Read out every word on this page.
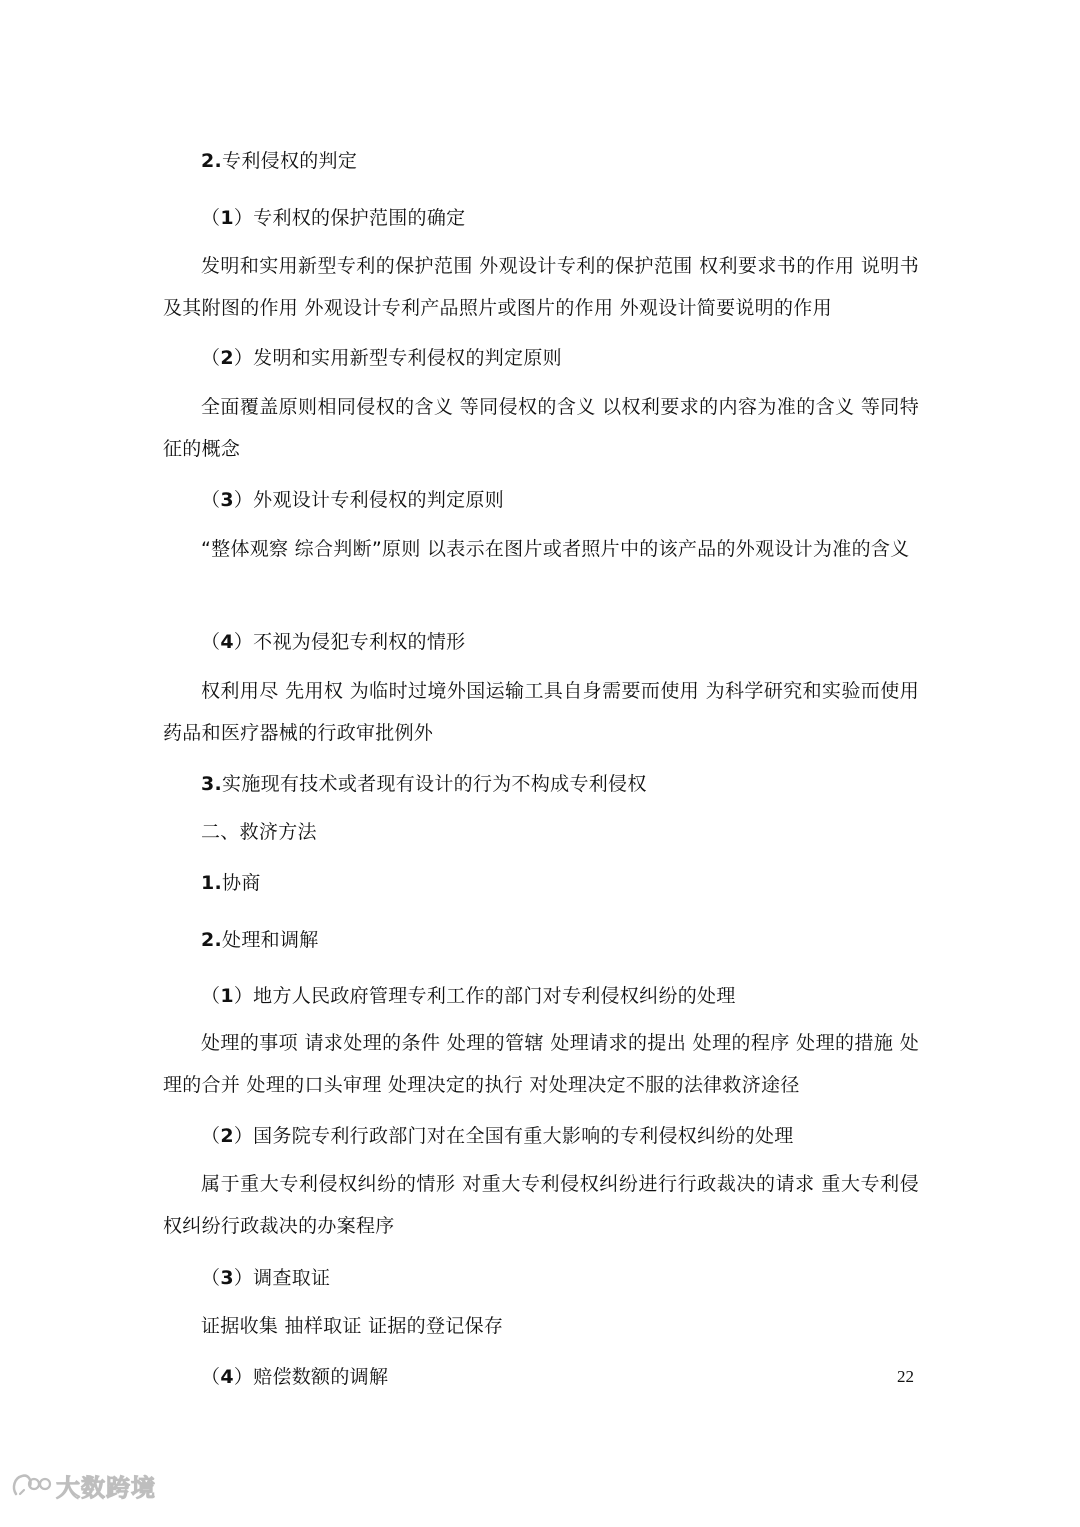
2.专利侵权的判定
（1）专利权的保护范围的确定
发明和实用新型专利的保护范围 外观设计专利的保护范围 权利要求书的作用 说明书及其附图的作用 外观设计专利产品照片或图片的作用 外观设计简要说明的作用
（2）发明和实用新型专利侵权的判定原则
全面覆盖原则相同侵权的含义 等同侵权的含义 以权利要求的内容为准的含义 等同特征的概念
（3）外观设计专利侵权的判定原则
“整体观察 综合判断”原则 以表示在图片或者照片中的该产品的外观设计为准的含义
（4）不视为侵犯专利权的情形
权利用尽 先用权 为临时过境外国运输工具自身需要而使用 为科学研究和实验而使用 药品和医疗器械的行政审批例外
3.实施现有技术或者现有设计的行为不构成专利侵权
二、救济方法
1.协商
2.处理和调解
（1）地方人民政府管理专利工作的部门对专利侵权纠纷的处理
处理的事项 请求处理的条件 处理的管辖 处理请求的提出 处理的程序 处理的措施 处理的合并 处理的口头审理 处理决定的执行 对处理决定不服的法律救济途径
（2）国务院专利行政部门对在全国有重大影响的专利侵权纠纷的处理
属于重大专利侵权纠纷的情形 对重大专利侵权纠纷进行行政裁决的请求 重大专利侵权纠纷行政裁决的办案程序
（3）调查取证
证据收集 抽样取证 证据的登记保存
（4）赔偿数额的调解	22
大数跨境
